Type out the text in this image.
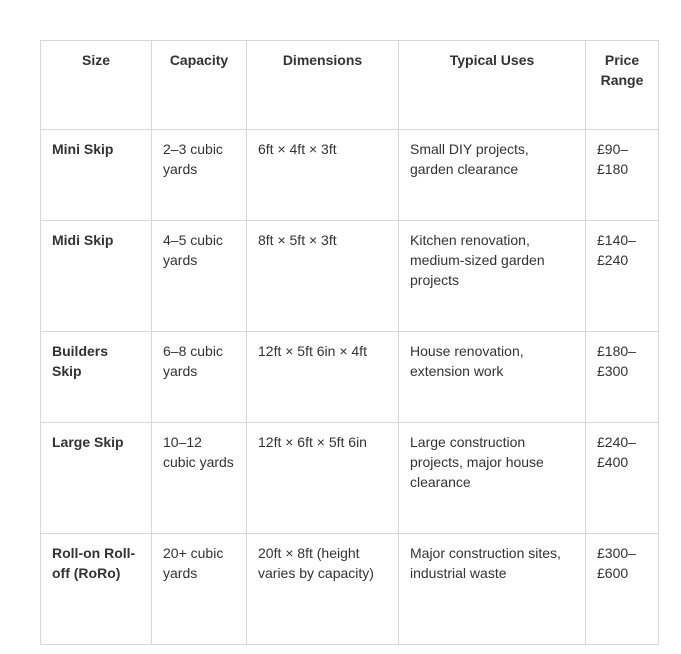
Size	Capacity	Dimensions	Typical Uses	Price Range
Mini Skip	2–3 cubic yards	6ft × 4ft × 3ft	Small DIY projects, garden clearance	£90–£180
Midi Skip	4–5 cubic yards	8ft × 5ft × 3ft	Kitchen renovation, medium-sized garden projects	£140–£240
Builders Skip	6–8 cubic yards	12ft × 5ft 6in × 4ft	House renovation, extension work	£180–£300
Large Skip	10–12 cubic yards	12ft × 6ft × 5ft 6in	Large construction projects, major house clearance	£240–£400
Roll-on Roll-off (RoRo)	20+ cubic yards	20ft × 8ft (height varies by capacity)	Major construction sites, industrial waste	£300–£600
